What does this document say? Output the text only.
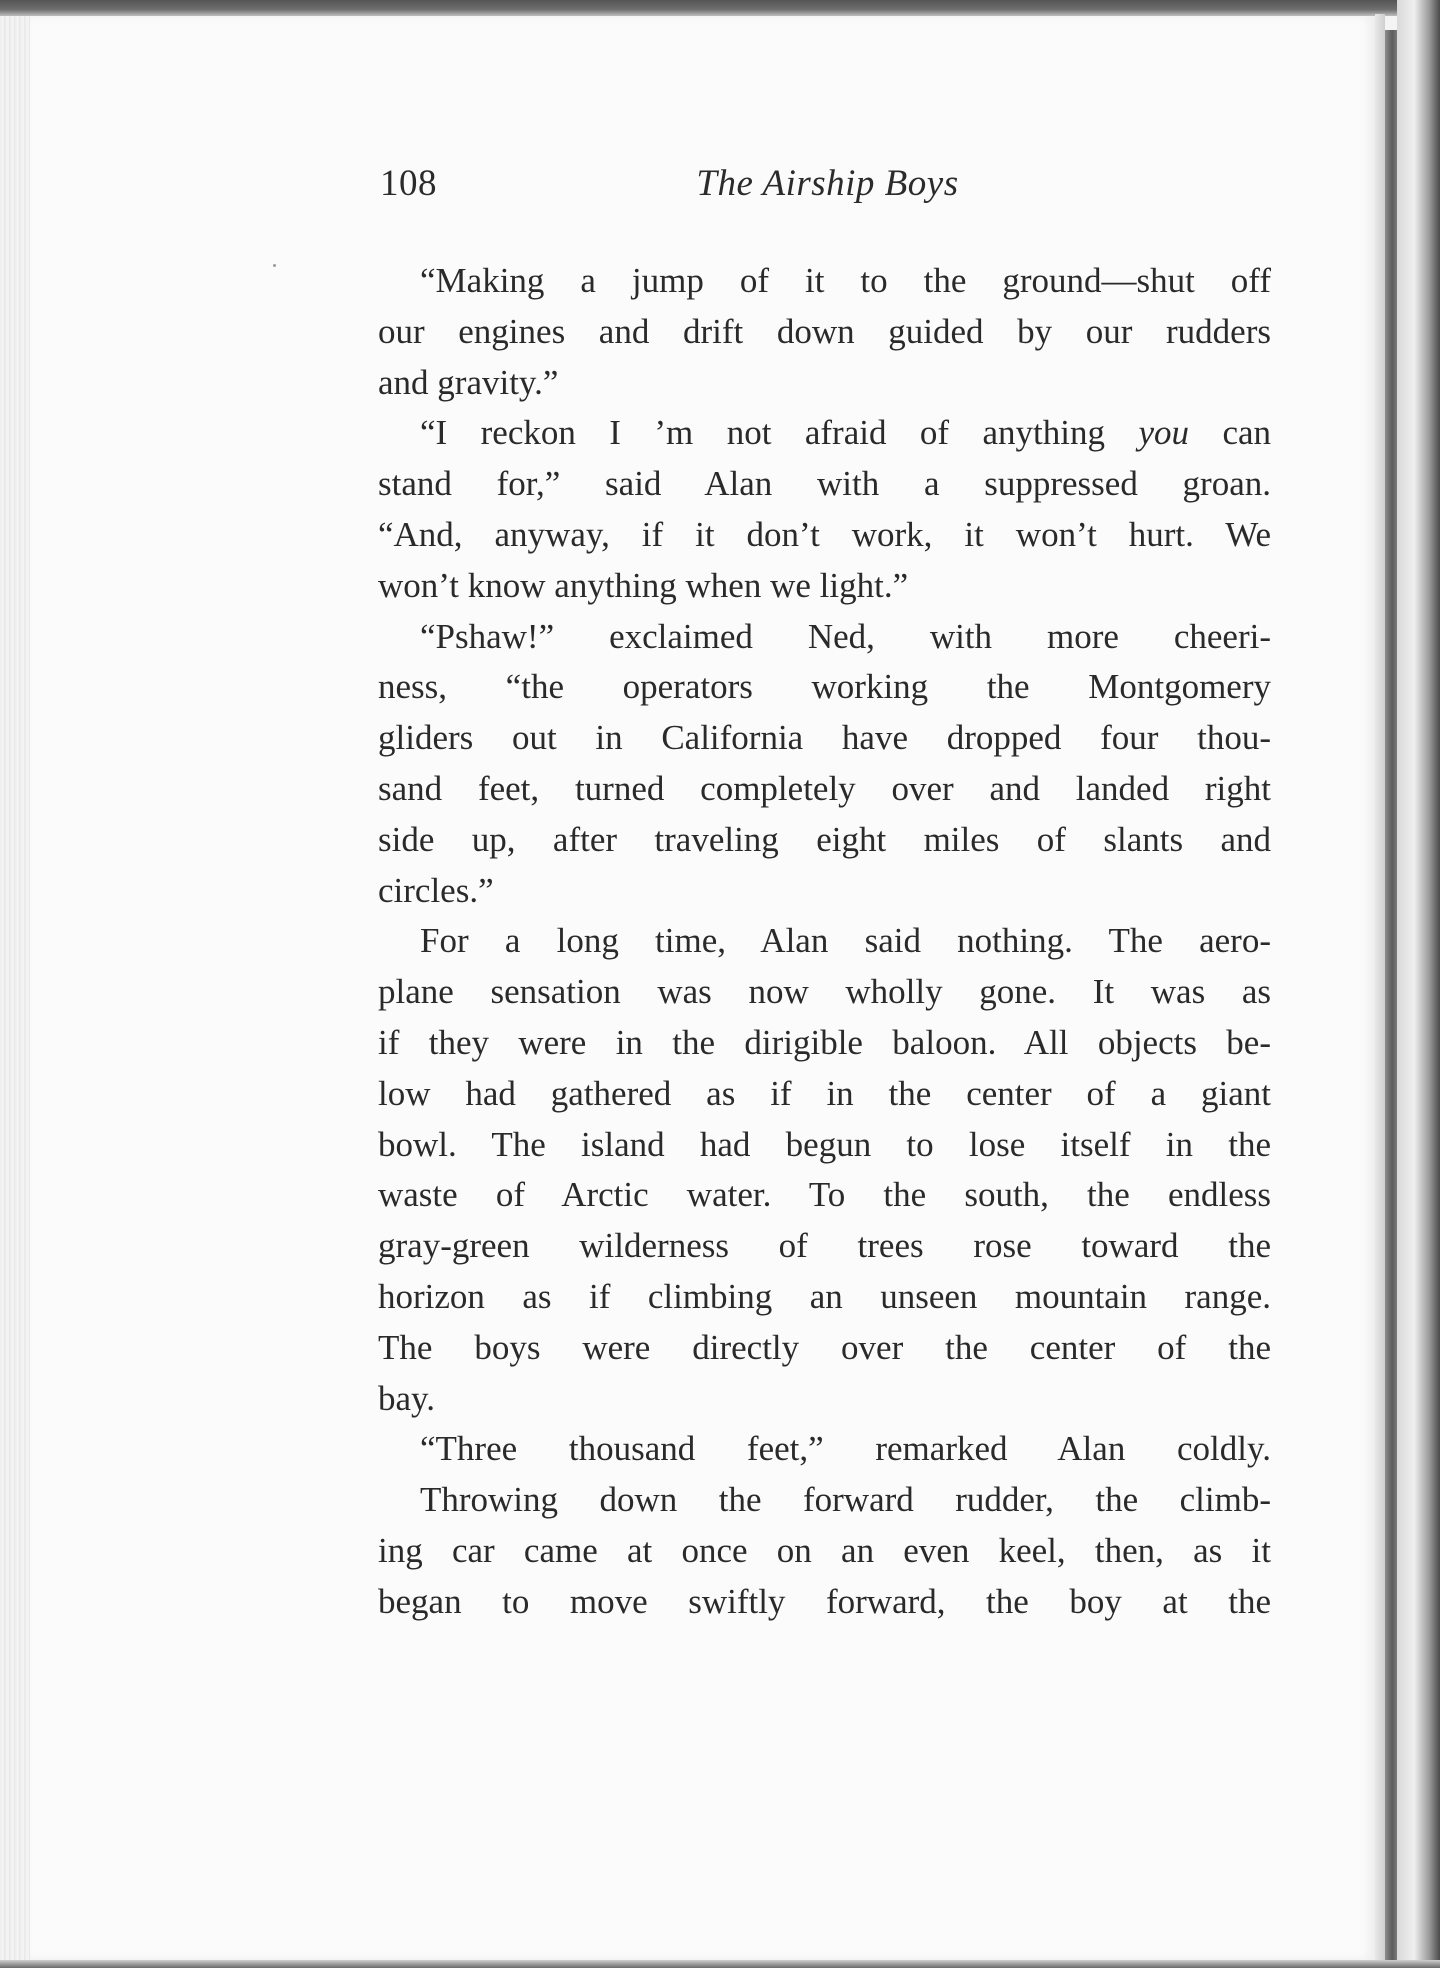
108	The Airship Boys
“Making a jump of it to the ground—shut off
our engines and drift down guided by our rudders
and gravity.”
“I reckon I ’m not afraid of anything you can
stand for,” said Alan with a suppressed groan.
“And, anyway, if it don’t work, it won’t hurt. We
won’t know anything when we light.”
“Pshaw!” exclaimed Ned, with more cheeri-
ness, “the operators working the Montgomery
gliders out in California have dropped four thou-
sand feet, turned completely over and landed right
side up, after traveling eight miles of slants and
circles.”
For a long time, Alan said nothing. The aero-
plane sensation was now wholly gone. It was as
if they were in the dirigible baloon. All objects be-
low had gathered as if in the center of a giant
bowl. The island had begun to lose itself in the
waste of Arctic water. To the south, the endless
gray-green wilderness of trees rose toward the
horizon as if climbing an unseen mountain range.
The boys were directly over the center of the
bay.
“Three thousand feet,” remarked Alan coldly.
Throwing down the forward rudder, the climb-
ing car came at once on an even keel, then, as it
began to move swiftly forward, the boy at the
